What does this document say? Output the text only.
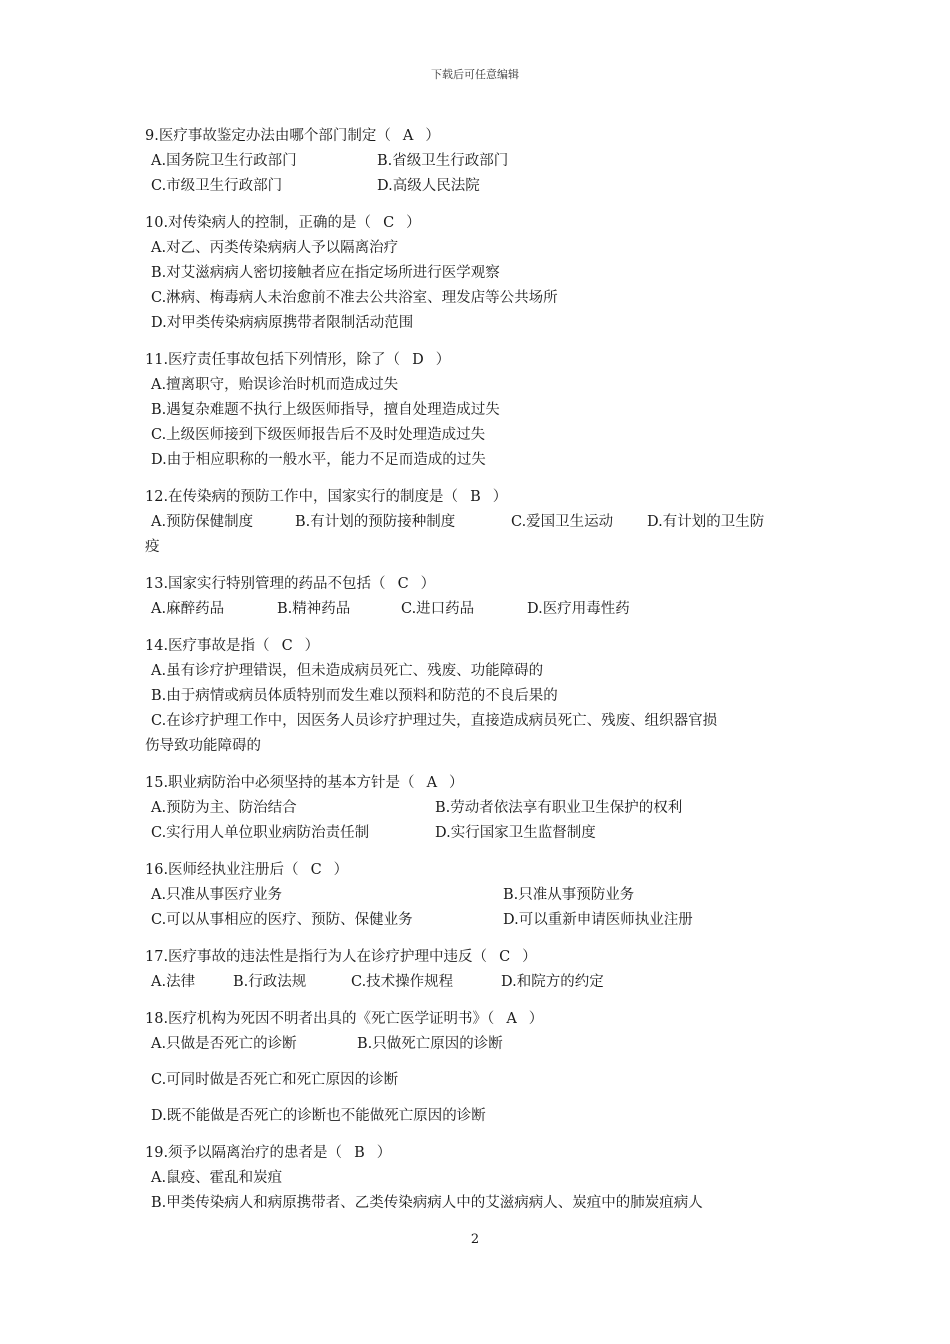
下载后可任意编辑
9.医疗事故鉴定办法由哪个部门制定（ A ）
A.国务院卫生行政部门	B.省级卫生行政部门
C.市级卫生行政部门	D.高级人民法院
10.对传染病人的控制，正确的是（ C ）
A.对乙、丙类传染病病人予以隔离治疗
B.对艾滋病病人密切接触者应在指定场所进行医学观察
C.淋病、梅毒病人未治愈前不准去公共浴室、理发店等公共场所
D.对甲类传染病病原携带者限制活动范围
11.医疗责任事故包括下列情形，除了（ D ）
A.擅离职守，贻误诊治时机而造成过失
B.遇复杂难题不执行上级医师指导，擅自处理造成过失
C.上级医师接到下级医师报告后不及时处理造成过失
D.由于相应职称的一般水平，能力不足而造成的过失
12.在传染病的预防工作中，国家实行的制度是（ B ）
A.预防保健制度	B.有计划的预防接种制度	C.爱国卫生运动	D.有计划的卫生防
疫
13.国家实行特别管理的药品不包括（ C ）
A.麻醉药品	B.精神药品	C.进口药品	D.医疗用毒性药
14.医疗事故是指（ C ）
A.虽有诊疗护理错误，但未造成病员死亡、残废、功能障碍的
B.由于病情或病员体质特别而发生难以预料和防范的不良后果的
C.在诊疗护理工作中，因医务人员诊疗护理过失，直接造成病员死亡、残废、组织器官损
伤导致功能障碍的
15.职业病防治中必须坚持的基本方针是（ A ）
A.预防为主、防治结合	B.劳动者依法享有职业卫生保护的权利
C.实行用人单位职业病防治责任制	D.实行国家卫生监督制度
16.医师经执业注册后（ C ）
A.只准从事医疗业务	B.只准从事预防业务
C.可以从事相应的医疗、预防、保健业务	D.可以重新申请医师执业注册
17.医疗事故的违法性是指行为人在诊疗护理中违反（ C ）
A.法律	B.行政法规	C.技术操作规程	D.和院方的约定
18.医疗机构为死因不明者出具的《死亡医学证明书》（ A ）
A.只做是否死亡的诊断	B.只做死亡原因的诊断
C.可同时做是否死亡和死亡原因的诊断
D.既不能做是否死亡的诊断也不能做死亡原因的诊断
19.须予以隔离治疗的患者是（ B ）
A.鼠疫、霍乱和炭疽
B.甲类传染病人和病原携带者、乙类传染病病人中的艾滋病病人、炭疽中的肺炭疽病人
2
